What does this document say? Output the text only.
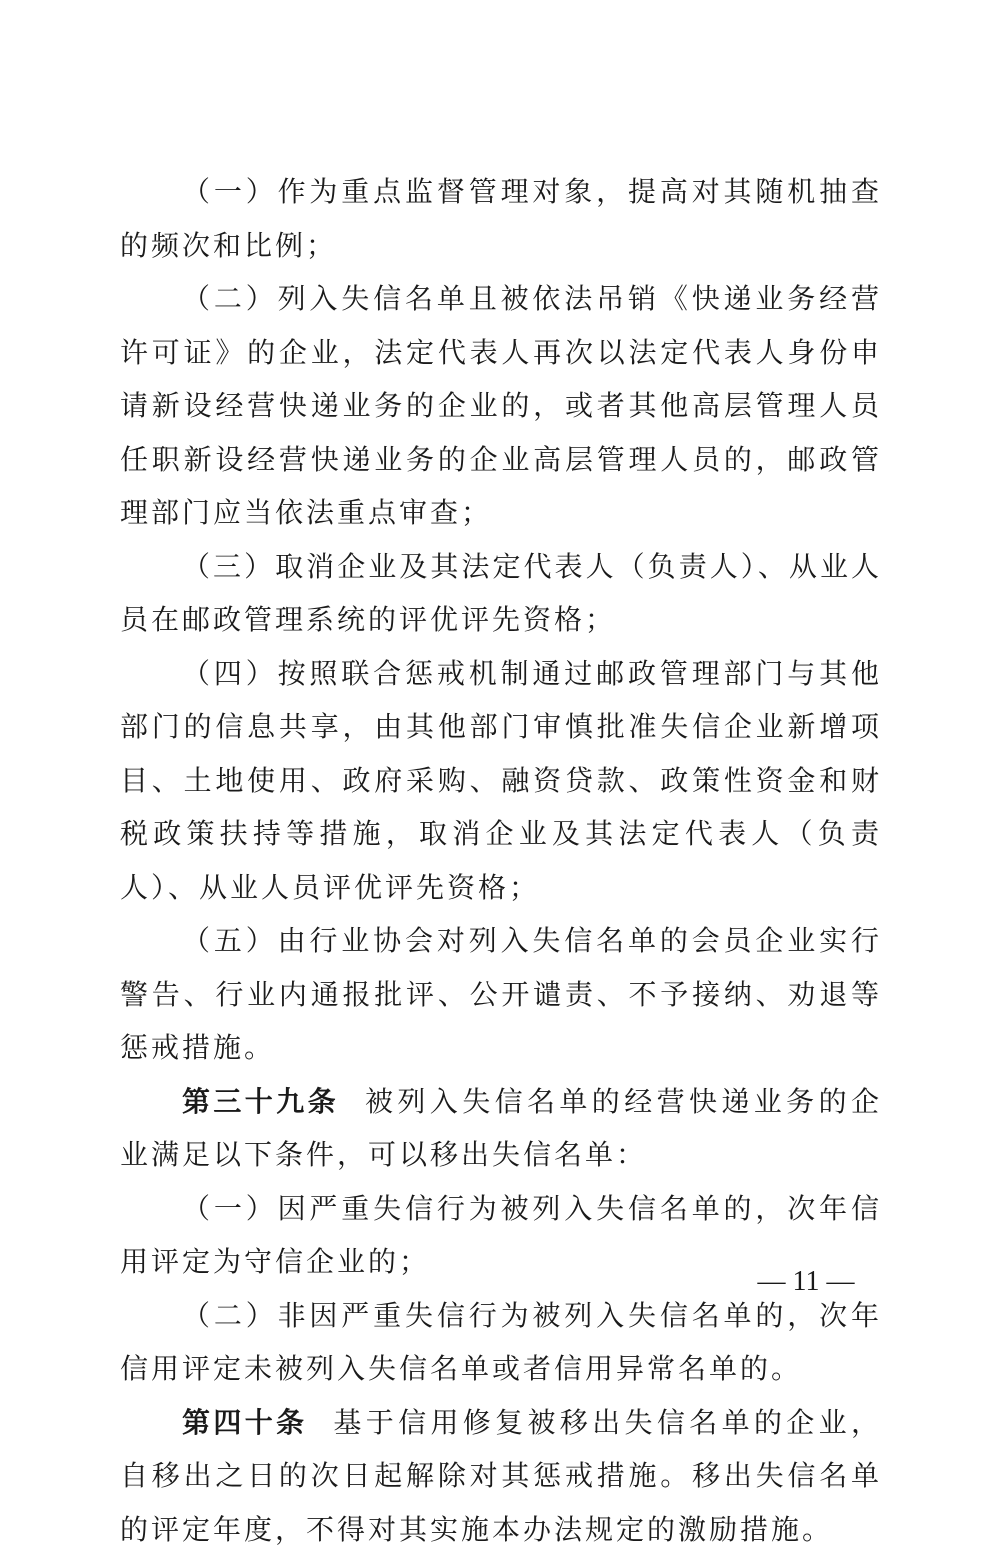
（一）作为重点监督管理对象，提高对其随机抽查的频次和比例；

（二）列入失信名单且被依法吊销《快递业务经营许可证》的企业，法定代表人再次以法定代表人身份申请新设经营快递业务的企业的，或者其他高层管理人员任职新设经营快递业务的企业高层管理人员的，邮政管理部门应当依法重点审查；

（三）取消企业及其法定代表人（负责人）、从业人员在邮政管理系统的评优评先资格；

（四）按照联合惩戒机制通过邮政管理部门与其他部门的信息共享，由其他部门审慎批准失信企业新增项目、土地使用、政府采购、融资贷款、政策性资金和财税政策扶持等措施，取消企业及其法定代表人（负责人）、从业人员评优评先资格；

（五）由行业协会对列入失信名单的会员企业实行警告、行业内通报批评、公开谴责、不予接纳、劝退等惩戒措施。

第三十九条 被列入失信名单的经营快递业务的企业满足以下条件，可以移出失信名单：

（一）因严重失信行为被列入失信名单的，次年信用评定为守信企业的；

（二）非因严重失信行为被列入失信名单的，次年信用评定未被列入失信名单或者信用异常名单的。

第四十条 基于信用修复被移出失信名单的企业，自移出之日的次日起解除对其惩戒措施。移出失信名单的评定年度，不得对其实施本办法规定的激励措施。

— 11 —
